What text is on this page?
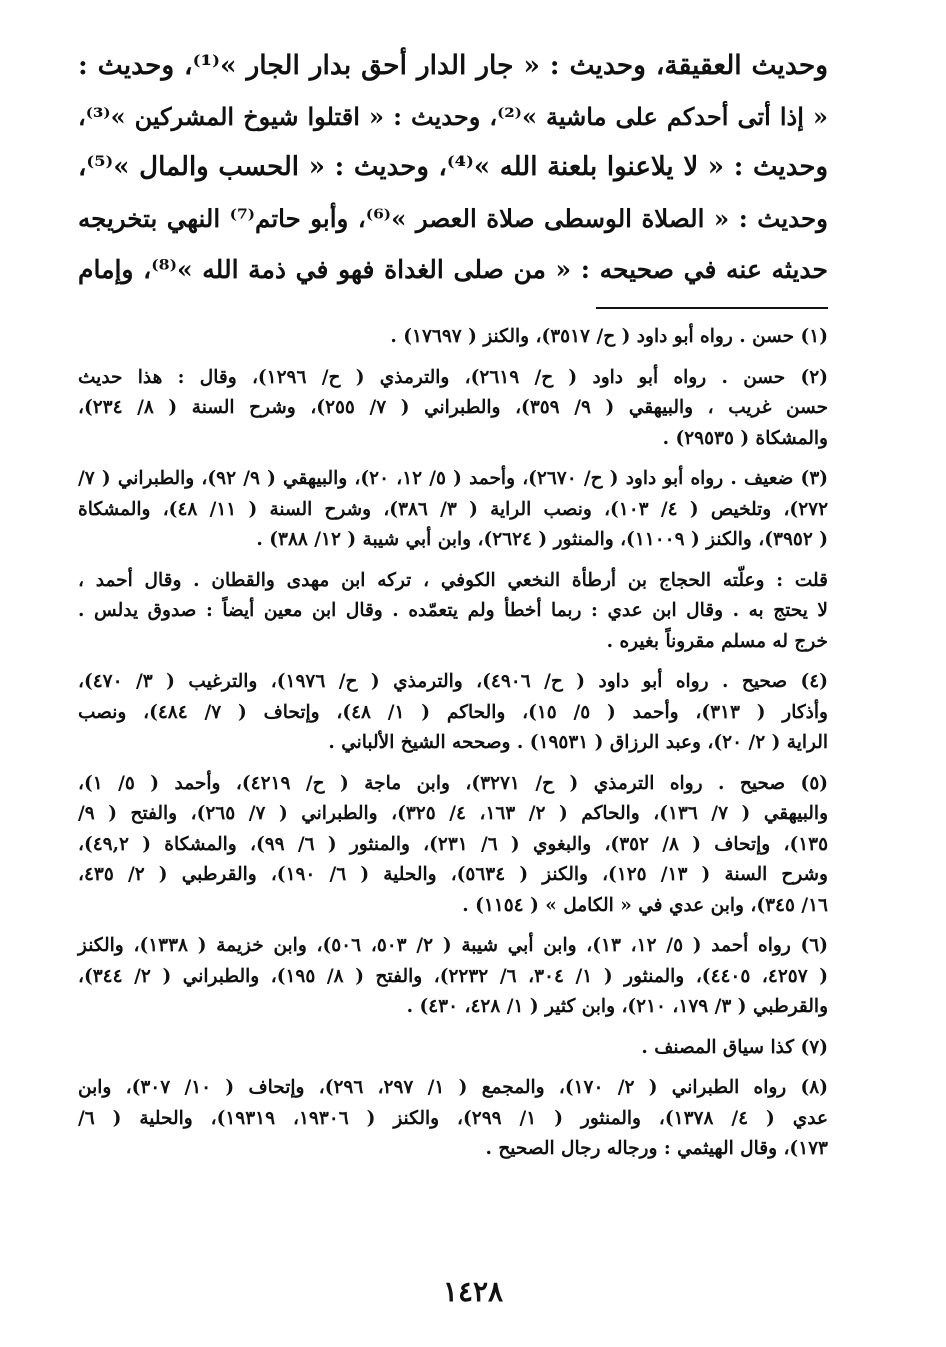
وحديث العقيقة، وحديث : « جار الدار أحق بدار الجار »⁽¹⁾، وحديث :

« إذا أتى أحدكم على ماشية »⁽²⁾، وحديث : « اقتلوا شيوخ المشركين »⁽³⁾،

وحديث : « لا يلاعنوا بلعنة الله »⁽⁴⁾، وحديث : « الحسب والمال »⁽⁵⁾،

وحديث : « الصلاة الوسطى صلاة العصر »⁽⁶⁾، وأبو حاتم⁽⁷⁾ النهي بتخريجه

حديثه عنه في صحيحه : « من صلى الغداة فهو في ذمة الله »⁽⁸⁾، وإمام

(١) حسن . رواه أبو داود ( ح/ ٣٥١٧)، والكنز ( ١٧٦٩٧) .
(٢) حسن . رواه أبو داود ( ح/ ٢٦١٩)، والترمذي ( ح/ ١٢٩٦)، وقال : هذا حديث
حسن غريب ، والبيهقي ( ٩/ ٣٥٩)، والطبراني ( ٧/ ٢٥٥)، وشرح السنة ( ٨/ ٢٣٤)،
والمشكاة ( ٢٩٥٣٥) .
(٣) ضعيف . رواه أبو داود ( ح/ ٢٦٧٠)، وأحمد ( ٥/ ١٢، ٢٠)، والبيهقي ( ٩/ ٩٢)، والطبراني ( ٧/
٢٧٢)، وتلخيص ( ٤/ ١٠٣)، ونصب الراية ( ٣/ ٣٨٦)، وشرح السنة ( ١١/ ٤٨)، والمشكاة
( ٣٩٥٢)، والكنز ( ١١٠٠٩)، والمنثور ( ٢٦٢٤)، وابن أبي شيبة ( ١٢/ ٣٨٨) .
قلت : وعلّته الحجاج بن أرطأة النخعي الكوفي ، تركه ابن مهدى والقطان . وقال أحمد ،
لا يحتج به . وقال ابن عدي : ربما أخطأ ولم يتعمّده . وقال ابن معين أيضاً : صدوق يدلس .
خرج له مسلم مقروناً بغيره .
(٤) صحيح . رواه أبو داود ( ح/ ٤٩٠٦)، والترمذي ( ح/ ١٩٧٦)، والترغيب ( ٣/ ٤٧٠)،
وأذكار ( ٣١٣)، وأحمد ( ٥/ ١٥)، والحاكم ( ١/ ٤٨)، وإتحاف ( ٧/ ٤٨٤)، ونصب
الراية ( ٢/ ٢٠)، وعبد الرزاق ( ١٩٥٣١) . وصححه الشيخ الألباني .
(٥) صحيح . رواه الترمذي ( ح/ ٣٢٧١)، وابن ماجة ( ح/ ٤٢١٩)، وأحمد ( ٥/ ١)،
والبيهقي ( ٧/ ١٣٦)، والحاكم ( ٢/ ١٦٣، ٤/ ٣٢٥)، والطبراني ( ٧/ ٢٦٥)، والفتح ( ٩/
١٣٥)، وإتحاف ( ٨/ ٣٥٢)، والبغوي ( ٦/ ٢٣١)، والمنثور ( ٦/ ٩٩)، والمشكاة ( ٤٩,٢)،
وشرح السنة ( ١٣/ ١٢٥)، والكنز ( ٥٦٣٤)، والحلية ( ٦/ ١٩٠)، والقرطبي ( ٢/ ٤٣٥،
١٦/ ٣٤٥)، وابن عدي في « الكامل » ( ١١٥٤) .
(٦) رواه أحمد ( ٥/ ١٢، ١٣)، وابن أبي شيبة ( ٢/ ٥٠٣، ٥٠٦)، وابن خزيمة ( ١٣٣٨)، والكنز
( ٤٢٥٧، ٤٤٠٥)، والمنثور ( ١/ ٣٠٤، ٦/ ٢٢٣٢)، والفتح ( ٨/ ١٩٥)، والطبراني ( ٢/ ٣٤٤)،
والقرطبي ( ٣/ ١٧٩، ٢١٠)، وابن كثير ( ١/ ٤٢٨، ٤٣٠) .
(٧) كذا سياق المصنف .
(٨) رواه الطبراني ( ٢/ ١٧٠)، والمجمع ( ١/ ٢٩٧، ٢٩٦)، وإتحاف ( ١٠/ ٣٠٧)، وابن
عدي ( ٤/ ١٣٧٨)، والمنثور ( ١/ ٢٩٩)، والكنز ( ١٩٣٠٦، ١٩٣١٩)، والحلية ( ٦/
١٧٣)، وقال الهيثمي : ورجاله رجال الصحيح .
١٤٢٨
